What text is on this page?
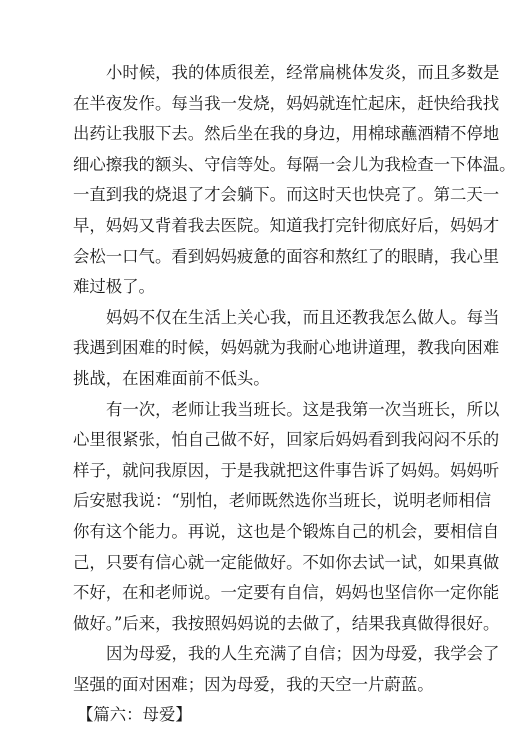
小时候，我的体质很差，经常扁桃体发炎，而且多数是
在半夜发作。每当我一发烧，妈妈就连忙起床，赶快给我找
出药让我服下去。然后坐在我的身边，用棉球蘸酒精不停地
细心擦我的额头、守信等处。每隔一会儿为我检查一下体温。
一直到我的烧退了才会躺下。而这时天也快亮了。第二天一
早，妈妈又背着我去医院。知道我打完针彻底好后，妈妈才
会松一口气。看到妈妈疲惫的面容和熬红了的眼睛，我心里
难过极了。
妈妈不仅在生活上关心我，而且还教我怎么做人。每当
我遇到困难的时候，妈妈就为我耐心地讲道理，教我向困难
挑战，在困难面前不低头。
有一次，老师让我当班长。这是我第一次当班长，所以
心里很紧张，怕自己做不好，回家后妈妈看到我闷闷不乐的
样子，就问我原因，于是我就把这件事告诉了妈妈。妈妈听
后安慰我说：“别怕，老师既然选你当班长，说明老师相信
你有这个能力。再说，这也是个锻炼自己的机会，要相信自
己，只要有信心就一定能做好。不如你去试一试，如果真做
不好，在和老师说。一定要有自信，妈妈也坚信你一定你能
做好。”后来，我按照妈妈说的去做了，结果我真做得很好。
因为母爱，我的人生充满了自信；因为母爱，我学会了
坚强的面对困难；因为母爱，我的天空一片蔚蓝。
【篇六：母爱】
